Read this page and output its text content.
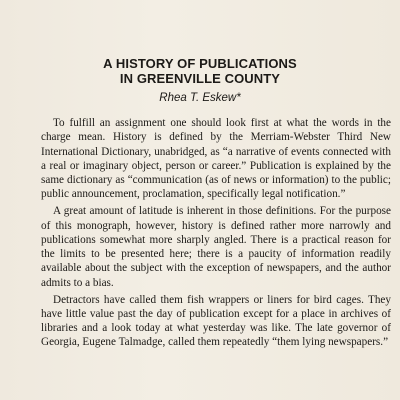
A HISTORY OF PUBLICATIONS
IN GREENVILLE COUNTY
Rhea T. Eskew*

To fulfill an assignment one should look first at what the words in the charge mean. History is defined by the Merriam-Webster Third New International Dictionary, unabridged, as “a narrative of events connected with a real or imaginary object, person or career.” Publication is explained by the same dictionary as “communication (as of news or information) to the public; public announcement, proclamation, specifically legal notification.”

A great amount of latitude is inherent in those definitions. For the purpose of this monograph, however, history is defined rather more narrowly and publications somewhat more sharply angled. There is a practical reason for the limits to be presented here; there is a paucity of information readily available about the subject with the exception of newspapers, and the author admits to a bias.

Detractors have called them fish wrappers or liners for bird cages. They have little value past the day of publication except for a place in archives of libraries and a look today at what yesterday was like. The late governor of Georgia, Eugene Talmadge, called them repeatedly “them lying newspapers.”
